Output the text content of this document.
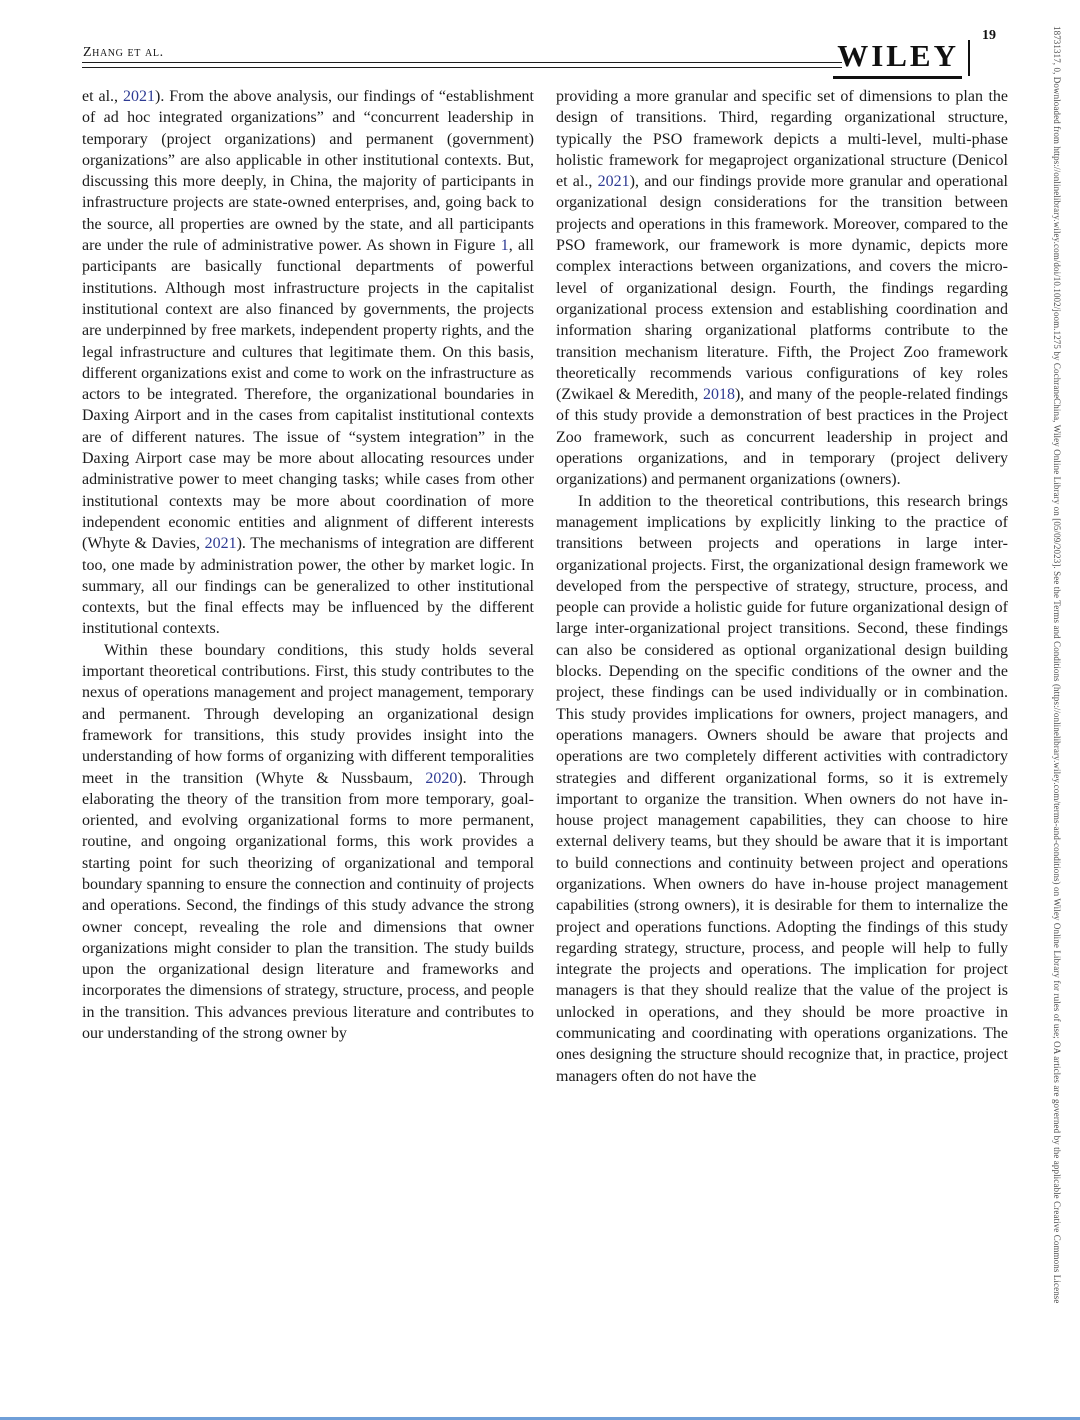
Zhang et al.	WILEY
19

et al., 2021). From the above analysis, our findings of “establishment of ad hoc integrated organizations” and “concurrent leadership in temporary (project organizations) and permanent (government) organizations” are also applicable in other institutional contexts. But, discussing this more deeply, in China, the majority of participants in infrastructure projects are state-owned enterprises, and, going back to the source, all properties are owned by the state, and all participants are under the rule of administrative power. As shown in Figure 1, all participants are basically functional departments of powerful institutions. Although most infrastructure projects in the capitalist institutional context are also financed by governments, the projects are underpinned by free markets, independent property rights, and the legal infrastructure and cultures that legitimate them. On this basis, different organizations exist and come to work on the infrastructure as actors to be integrated. Therefore, the organizational boundaries in Daxing Airport and in the cases from capitalist institutional contexts are of different natures. The issue of “system integration” in the Daxing Airport case may be more about allocating resources under administrative power to meet changing tasks; while cases from other institutional contexts may be more about coordination of more independent economic entities and alignment of different interests (Whyte & Davies, 2021). The mechanisms of integration are different too, one made by administration power, the other by market logic. In summary, all our findings can be generalized to other institutional contexts, but the final effects may be influenced by the different institutional contexts.

Within these boundary conditions, this study holds several important theoretical contributions. First, this study contributes to the nexus of operations management and project management, temporary and permanent. Through developing an organizational design framework for transitions, this study provides insight into the understanding of how forms of organizing with different temporalities meet in the transition (Whyte & Nussbaum, 2020). Through elaborating the theory of the transition from more temporary, goal-oriented, and evolving organizational forms to more permanent, routine, and ongoing organizational forms, this work provides a starting point for such theorizing of organizational and temporal boundary spanning to ensure the connection and continuity of projects and operations. Second, the findings of this study advance the strong owner concept, revealing the role and dimensions that owner organizations might consider to plan the transition. The study builds upon the organizational design literature and frameworks and incorporates the dimensions of strategy, structure, process, and people in the transition. This advances previous literature and contributes to our understanding of the strong owner by

providing a more granular and specific set of dimensions to plan the design of transitions. Third, regarding organizational structure, typically the PSO framework depicts a multi-level, multi-phase holistic framework for megaproject organizational structure (Denicol et al., 2021), and our findings provide more granular and operational organizational design considerations for the transition between projects and operations in this framework. Moreover, compared to the PSO framework, our framework is more dynamic, depicts more complex interactions between organizations, and covers the micro-level of organizational design. Fourth, the findings regarding organizational process extension and establishing coordination and information sharing organizational platforms contribute to the transition mechanism literature. Fifth, the Project Zoo framework theoretically recommends various configurations of key roles (Zwikael & Meredith, 2018), and many of the people-related findings of this study provide a demonstration of best practices in the Project Zoo framework, such as concurrent leadership in project and operations organizations, and in temporary (project delivery organizations) and permanent organizations (owners).

In addition to the theoretical contributions, this research brings management implications by explicitly linking to the practice of transitions between projects and operations in large inter-organizational projects. First, the organizational design framework we developed from the perspective of strategy, structure, process, and people can provide a holistic guide for future organizational design of large inter-organizational project transitions. Second, these findings can also be considered as optional organizational design building blocks. Depending on the specific conditions of the owner and the project, these findings can be used individually or in combination. This study provides implications for owners, project managers, and operations managers. Owners should be aware that projects and operations are two completely different activities with contradictory strategies and different organizational forms, so it is extremely important to organize the transition. When owners do not have in-house project management capabilities, they can choose to hire external delivery teams, but they should be aware that it is important to build connections and continuity between project and operations organizations. When owners do have in-house project management capabilities (strong owners), it is desirable for them to internalize the project and operations functions. Adopting the findings of this study regarding strategy, structure, process, and people will help to fully integrate the projects and operations. The implication for project managers is that they should realize that the value of the project is unlocked in operations, and they should be more proactive in communicating and coordinating with operations organizations. The ones designing the structure should recognize that, in practice, project managers often do not have the	18731317, 0, Downloaded from https://onlinelibrary.wiley.com/doi/10.1002/joom.1275 by CochraneChina, Wiley Online Library on [05/09/2023]. See the Terms and Conditions (https://onlinelibrary.wiley.com/terms-and-conditions) on Wiley Online Library for rules of use; OA articles are governed by the applicable Creative Commons License
